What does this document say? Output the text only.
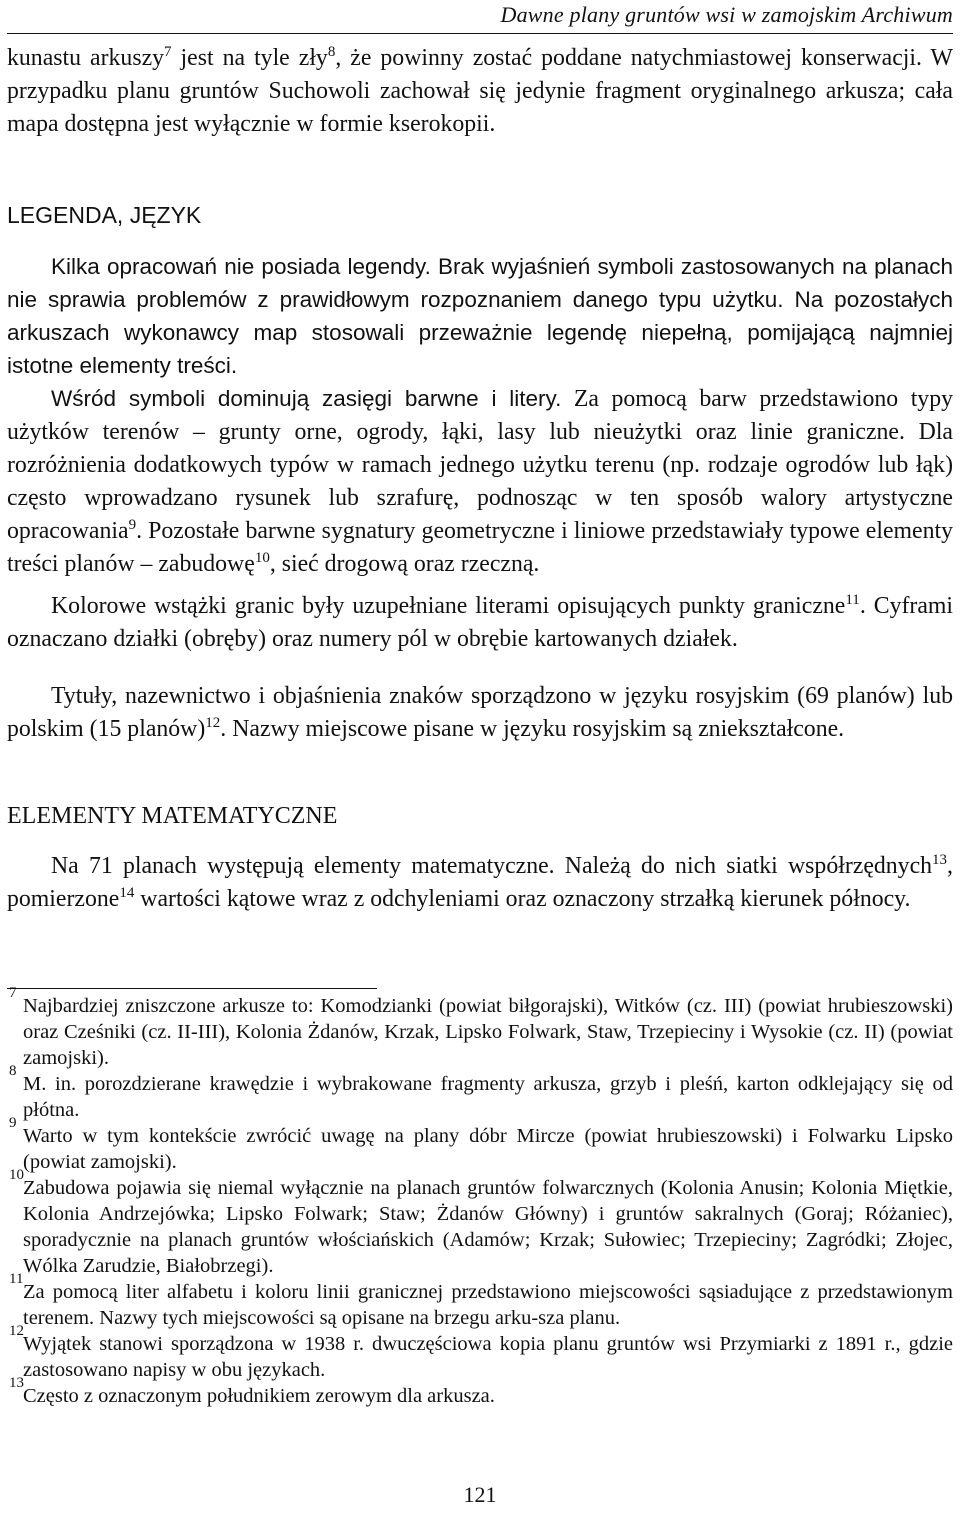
Dawne plany gruntów wsi w zamojskim Archiwum

kunastu arkuszy$^7$ jest na tyle zły$^8$, że powinny zostać poddane natychmiastowej konserwacji. W przypadku planu gruntów Suchowoli zachował się jedynie fragment oryginalnego arkusza; cała mapa dostępna jest wyłącznie w formie kserokopii.

LEGENDA, JĘZYK

Kilka opracowań nie posiada legendy. Brak wyjaśnień symboli zastosowanych na planach nie sprawia problemów z prawidłowym rozpoznaniem danego typu użytku. Na pozostałych arkuszach wykonawcy map stosowali przeważnie legendę niepełną, pomijającą najmniej istotne elementy treści.

Wśród symboli dominują zasięgi barwne i litery. Za pomocą barw przedstawiono typy użytków terenów – grunty orne, ogrody, łąki, lasy lub nieużytki oraz linie graniczne. Dla rozróżnienia dodatkowych typów w ramach jednego użytku terenu (np. rodzaje ogrodów lub łąk) często wprowadzano rysunek lub szrafurę, podnosząc w ten sposób walory artystyczne opracowania$^9$. Pozostałe barwne sygnatury geometryczne i liniowe przedstawiały typowe elementy treści planów – zabudowę$^{10}$, sieć drogową oraz rzeczną.

Kolorowe wstążki granic były uzupełniane literami opisujących punkty graniczne$^{11}$. Cyframi oznaczano działki (obręby) oraz numery pól w obrębie kartowanych działek.

Tytuły, nazewnictwo i objaśnienia znaków sporządzono w języku rosyjskim (69 planów) lub polskim (15 planów)$^{12}$. Nazwy miejscowe pisane w języku rosyjskim są zniekształcone.

ELEMENTY MATEMATYCZNE

Na 71 planach występują elementy matematyczne. Należą do nich siatki współrzędnych$^{13}$, pomierzone$^{14}$ wartości kątowe wraz z odchyleniami oraz oznaczony strzałką kierunek północy.

7
Najbardziej zniszczone arkusze to: Komodzianki (powiat biłgorajski), Witków (cz. III) (powiat hrubieszowski) oraz Cześniki (cz. II-III), Kolonia Żdanów, Krzak, Lipsko Folwark, Staw, Trzepieciny i Wysokie (cz. II) (powiat zamojski).

8
M. in. porozdzierane krawędzie i wybrakowane fragmenty arkusza, grzyb i pleśń, karton odklejający się od płótna.

9
Warto w tym kontekście zwrócić uwagę na plany dóbr Mircze (powiat hrubieszowski) i Folwarku Lipsko (powiat zamojski).

10
Zabudowa pojawia się niemal wyłącznie na planach gruntów folwarcznych (Kolonia Anusin; Kolonia Miętkie, Kolonia Andrzejówka; Lipsko Folwark; Staw; Żdanów Główny) i gruntów sakralnych (Goraj; Różaniec), sporadycznie na planach gruntów włościańskich (Adamów; Krzak; Sułowiec; Trzepieciny; Zagródki; Złojec, Wólka Zarudzie, Białobrzegi).

11
Za pomocą liter alfabetu i koloru linii granicznej przedstawiono miejscowości sąsiadujące z przedstawionym terenem. Nazwy tych miejscowości są opisane na brzegu arku-sza planu.

12
Wyjątek stanowi sporządzona w 1938 r. dwuczęściowa kopia planu gruntów wsi Przymiarki z 1891 r., gdzie zastosowano napisy w obu językach.

13
Często z oznaczonym południkiem zerowym dla arkusza.

121
